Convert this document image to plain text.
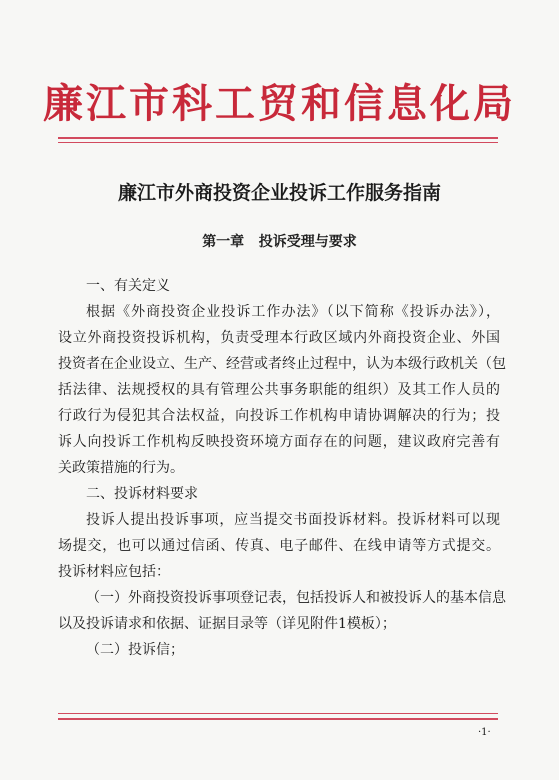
廉江市科工贸和信息化局
廉江市外商投资企业投诉工作服务指南
第一章   投诉受理与要求
一、有关定义
根据《外商投资企业投诉工作办法》（以下简称《投诉办法》），
设立外商投资投诉机构，负责受理本行政区域内外商投资企业、外国
投资者在企业设立、生产、经营或者终止过程中，认为本级行政机关（包
括法律、法规授权的具有管理公共事务职能的组织）及其工作人员的
行政行为侵犯其合法权益，向投诉工作机构申请协调解决的行为；投
诉人向投诉工作机构反映投资环境方面存在的问题，建议政府完善有
关政策措施的行为。
二、投诉材料要求
投诉人提出投诉事项，应当提交书面投诉材料。投诉材料可以现
场提交，也可以通过信函、传真、电子邮件、在线申请等方式提交。
投诉材料应包括：
（一）外商投资投诉事项登记表，包括投诉人和被投诉人的基本信息
以及投诉请求和依据、证据目录等（详见附件1模板）；
（二）投诉信；
·1·
